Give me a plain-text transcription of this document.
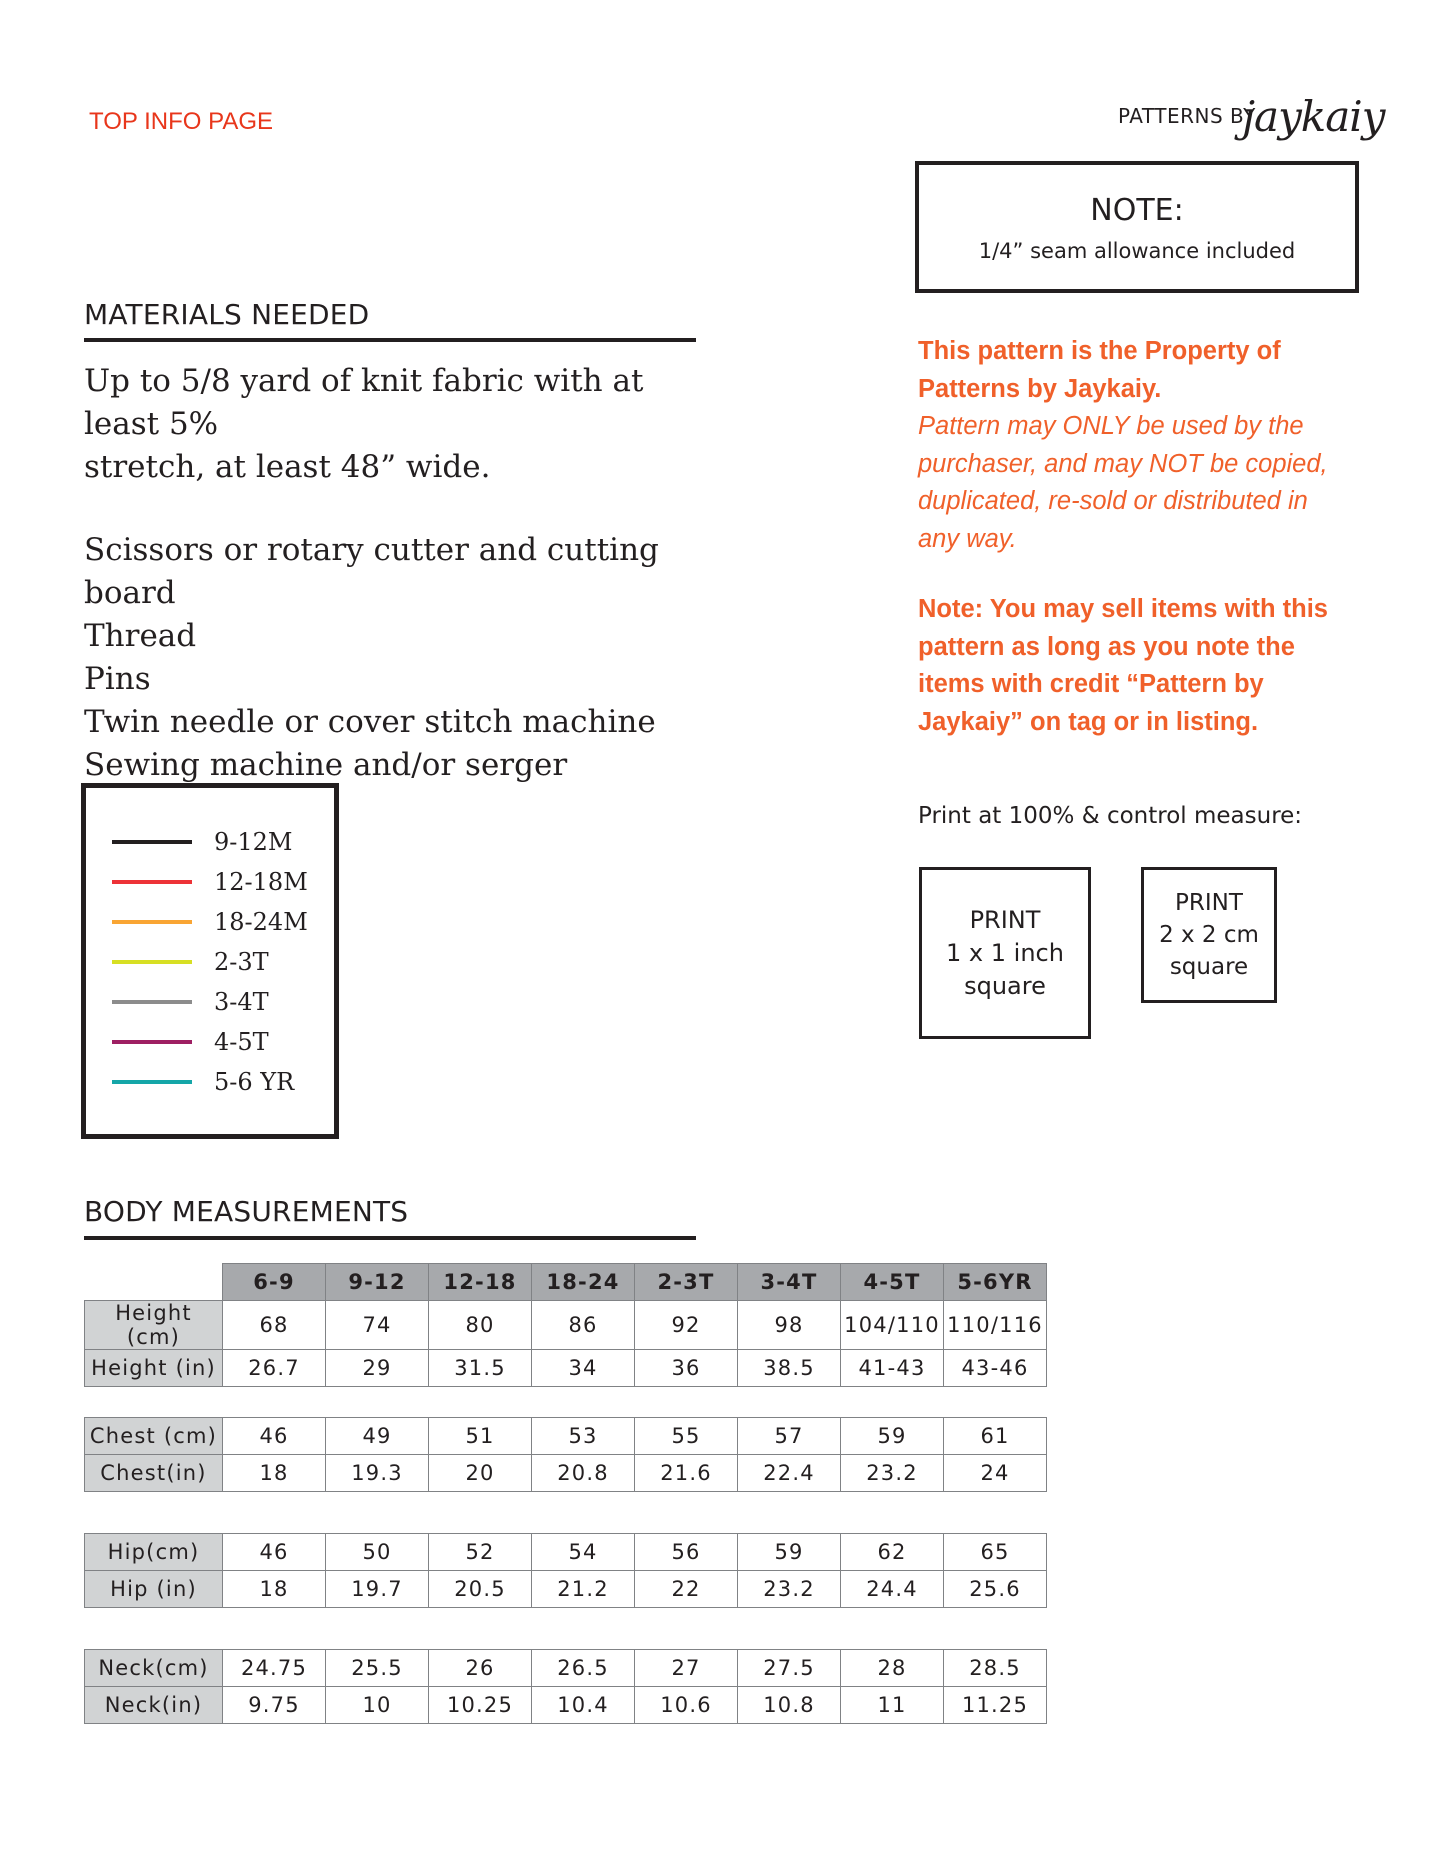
TOP INFO PAGE	PATTERNS BY
jaykaiy
NOTE:
1/4” seam allowance included
MATERIALS NEEDED

Up to 5/8 yard of knit fabric with at least 5%

stretch, at least 48” wide.

Scissors or rotary cutter and cutting board

Thread

Pins

Twin needle or cover stitch machine

Sewing machine and/or serger

This pattern is the Property of

Patterns by Jaykaiy.

Pattern may ONLY be used by the

purchaser, and may NOT be copied,

duplicated, re-sold or distributed in

any way.

Note: You may sell items with this

pattern as long as you note the

items with credit “Pattern by

Jaykaiy” on tag or in listing.

Print at 100% & control measure:
PRINT
1 x 1 inch
square
PRINT
2 x 2 cm
square
9-12M
12-18M
18-24M
2-3T
3-4T
4-5T
5-6 YR
BODY MEASUREMENTS
	6-9	9-12	12-18	18-24	2-3T	3-4T	4-5T	5-6YR
Height (cm)	68	74	80	86	92	98	104/110	110/116
Height (in)	26.7	29	31.5	34	36	38.5	41-43	43-46
Chest (cm)	46	49	51	53	55	57	59	61
Chest(in)	18	19.3	20	20.8	21.6	22.4	23.2	24
Hip(cm)	46	50	52	54	56	59	62	65
Hip (in)	18	19.7	20.5	21.2	22	23.2	24.4	25.6
Neck(cm)	24.75	25.5	26	26.5	27	27.5	28	28.5
Neck(in)	9.75	10	10.25	10.4	10.6	10.8	11	11.25
